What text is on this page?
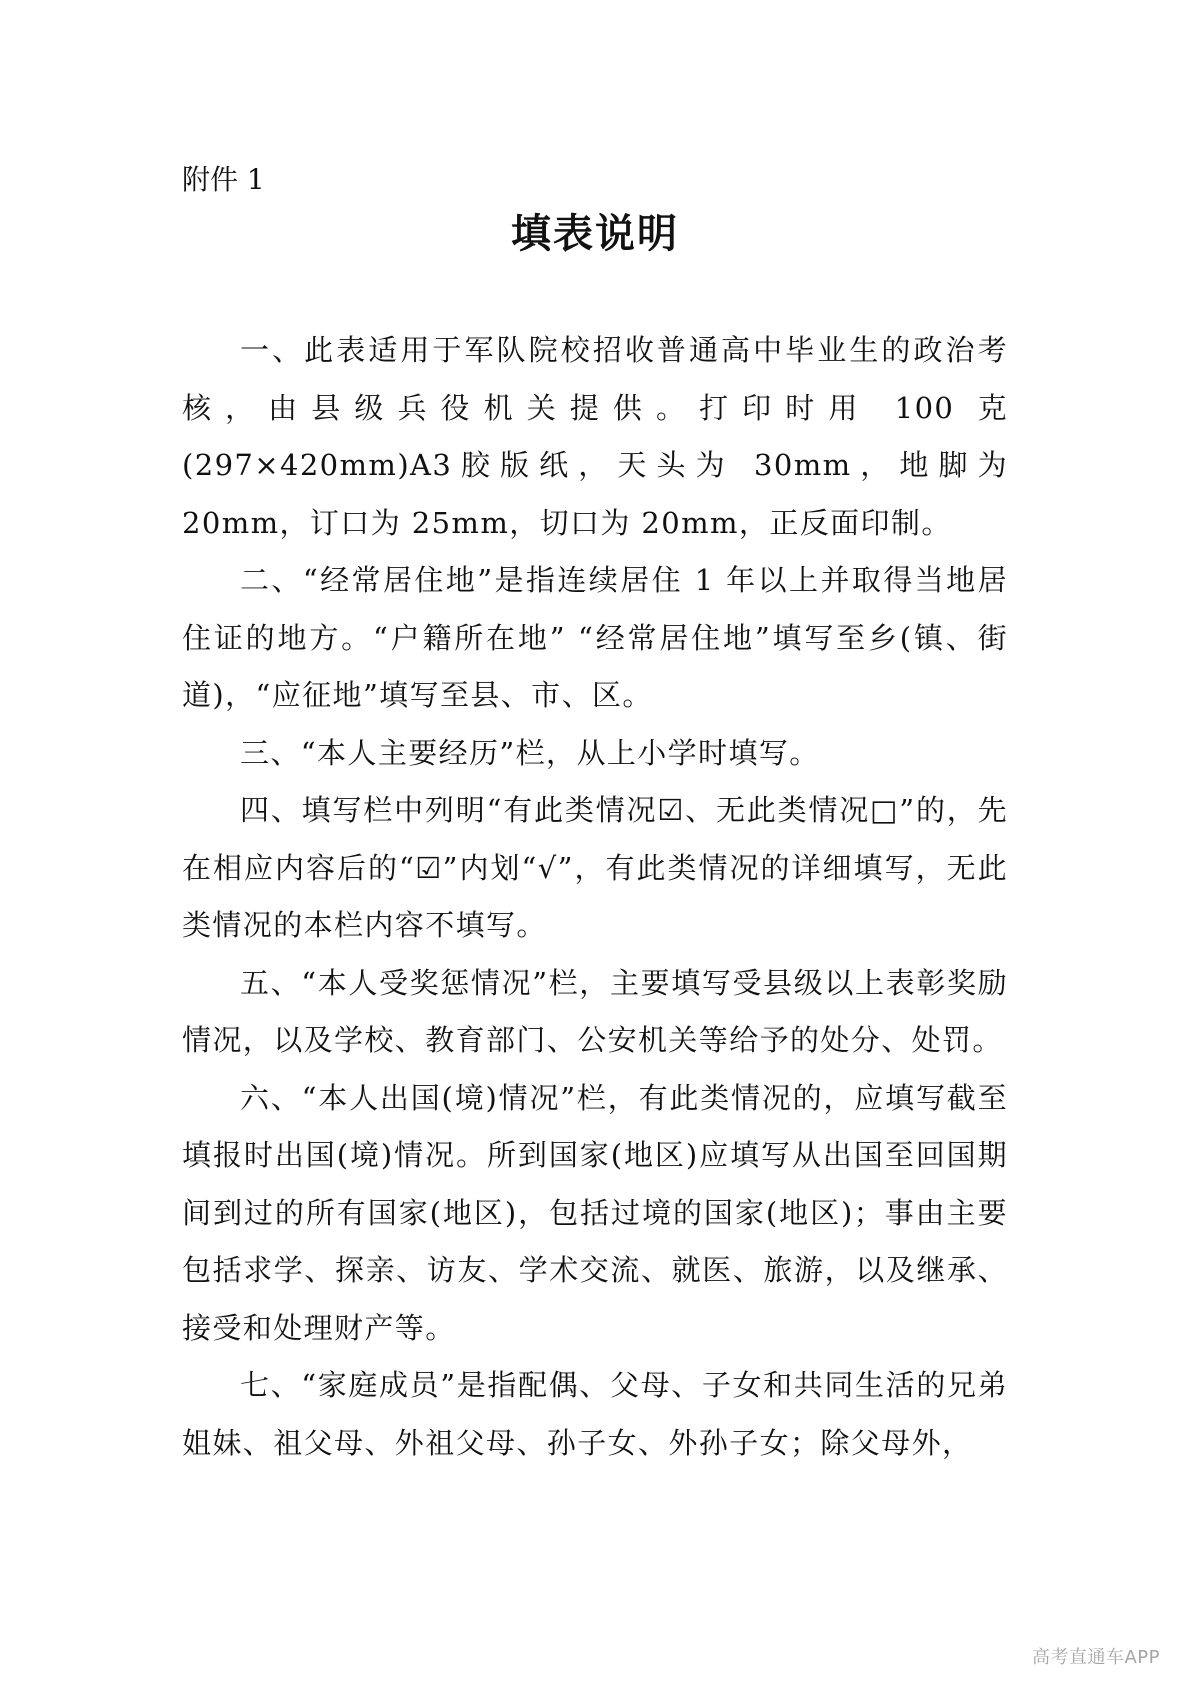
附件 1
填表说明

一、此表适用于军队院校招收普通高中毕业生的政治考核，由县级兵役机关提供。打印时用 100 克(297×420mm)A3胶版纸，天头为 30mm，地脚为 20mm，订口为 25mm，切口为 20mm，正反面印制。

二、“经常居住地”是指连续居住 1 年以上并取得当地居住证的地方。“户籍所在地” “经常居住地”填写至乡(镇、街道)，“应征地”填写至县、市、区。

三、“本人主要经历”栏，从上小学时填写。

四、填写栏中列明“有此类情况☑、无此类情况□”的，先在相应内容后的“☑”内划“√”，有此类情况的详细填写，无此类情况的本栏内容不填写。

五、“本人受奖惩情况”栏，主要填写受县级以上表彰奖励情况，以及学校、教育部门、公安机关等给予的处分、处罚。

六、“本人出国(境)情况”栏，有此类情况的，应填写截至填报时出国(境)情况。所到国家(地区)应填写从出国至回国期间到过的所有国家(地区)，包括过境的国家(地区)；事由主要包括求学、探亲、访友、学术交流、就医、旅游，以及继承、接受和处理财产等。

七、“家庭成员”是指配偶、父母、子女和共同生活的兄弟姐妹、祖父母、外祖父母、孙子女、外孙子女；除父母外，

高考直通车APP
